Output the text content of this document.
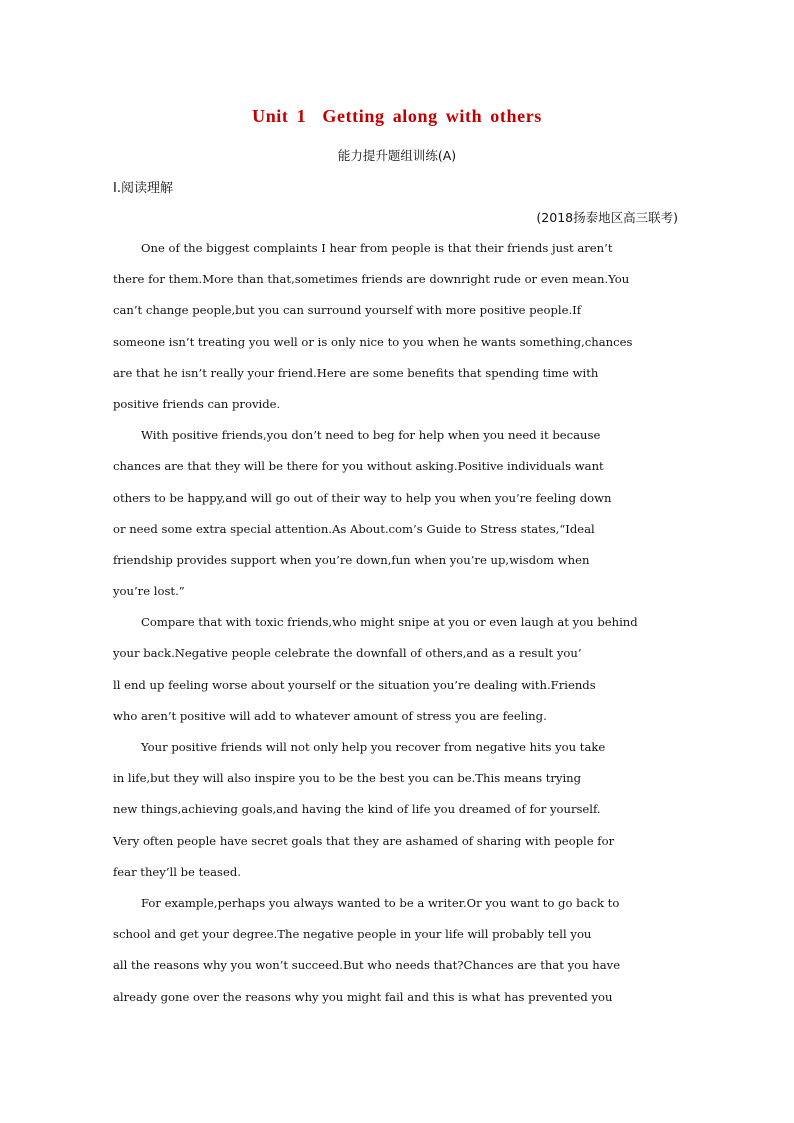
Unit 1  Getting along with others
能力提升题组训练(A)
Ⅰ.阅读理解
(2018扬泰地区高三联考)
One of the biggest complaints I hear from people is that their friends just aren’t
there for them.More than that,sometimes friends are downright rude or even mean.You
can’t change people,but you can surround yourself with more positive people.If
someone isn’t treating you well or is only nice to you when he wants something,chances
are that he isn’t really your friend.Here are some benefits that spending time with
positive friends can provide.
With positive friends,you don’t need to beg for help when you need it because
chances are that they will be there for you without asking.Positive individuals want
others to be happy,and will go out of their way to help you when you’re feeling down
or need some extra special attention.As About.com’s Guide to Stress states,“Ideal
friendship provides support when you’re down,fun when you’re up,wisdom when
you’re lost.”
Compare that with toxic friends,who might snipe at you or even laugh at you behind
your back.Negative people celebrate the downfall of others,and as a result you’
ll end up feeling worse about yourself or the situation you’re dealing with.Friends
who aren’t positive will add to whatever amount of stress you are feeling.
Your positive friends will not only help you recover from negative hits you take
in life,but they will also inspire you to be the best you can be.This means trying
new things,achieving goals,and having the kind of life you dreamed of for yourself.
Very often people have secret goals that they are ashamed of sharing with people for
fear they’ll be teased.
For example,perhaps you always wanted to be a writer.Or you want to go back to
school and get your degree.The negative people in your life will probably tell you
all the reasons why you won’t succeed.But who needs that?Chances are that you have
already gone over the reasons why you might fail and this is what has prevented you
